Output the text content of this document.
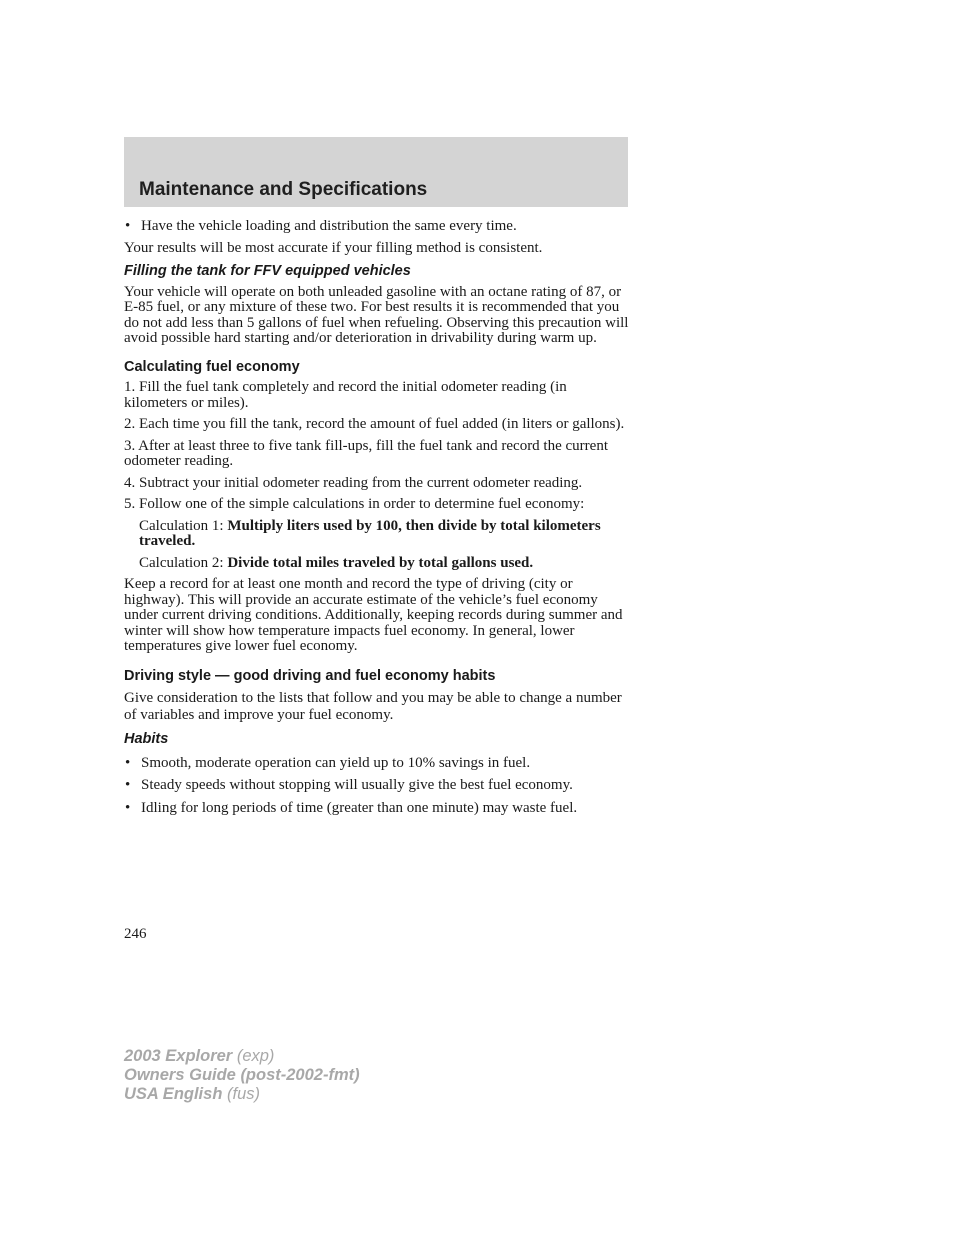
Maintenance and Specifications

• Have the vehicle loading and distribution the same every time.

Your results will be most accurate if your filling method is consistent.

Filling the tank for FFV equipped vehicles

Your vehicle will operate on both unleaded gasoline with an octane rating of 87, or E-85 fuel, or any mixture of these two. For best results it is recommended that you do not add less than 5 gallons of fuel when refueling. Observing this precaution will avoid possible hard starting and/or deterioration in drivability during warm up.

Calculating fuel economy

1. Fill the fuel tank completely and record the initial odometer reading (in kilometers or miles).

2. Each time you fill the tank, record the amount of fuel added (in liters or gallons).

3. After at least three to five tank fill-ups, fill the fuel tank and record the current odometer reading.

4. Subtract your initial odometer reading from the current odometer reading.

5. Follow one of the simple calculations in order to determine fuel economy:

Calculation 1: Multiply liters used by 100, then divide by total kilometers traveled.

Calculation 2: Divide total miles traveled by total gallons used.

Keep a record for at least one month and record the type of driving (city or highway). This will provide an accurate estimate of the vehicle’s fuel economy under current driving conditions. Additionally, keeping records during summer and winter will show how temperature impacts fuel economy. In general, lower temperatures give lower fuel economy.

Driving style — good driving and fuel economy habits

Give consideration to the lists that follow and you may be able to change a number of variables and improve your fuel economy.

Habits

• Smooth, moderate operation can yield up to 10% savings in fuel.

• Steady speeds without stopping will usually give the best fuel economy.

• Idling for long periods of time (greater than one minute) may waste fuel.

246
2003 Explorer (exp)
Owners Guide (post-2002-fmt)
USA English (fus)
